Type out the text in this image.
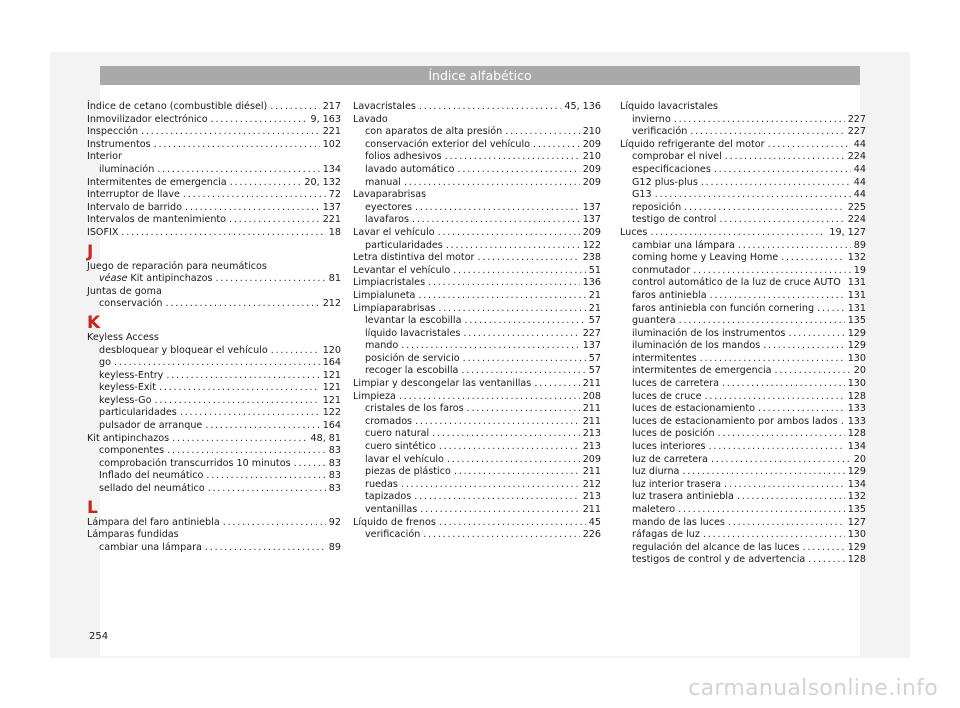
Índice alfabético
Índice de cetano (combustible diésel) .....	217
Inmovilizador electrónico .....	9, 163
Inspección .....	221
Instrumentos .....	102
Interior
iluminación .....	134
Intermitentes de emergencia .....	20, 132
Interruptor de llave .....	72
Intervalo de barrido .....	137
Intervalos de mantenimiento .....	221
ISOFIX .....	18
J
Juego de reparación para neumáticos
véase Kit antipinchazos .....	81
Juntas de goma
conservación .....	212
K
Keyless Access
desbloquear y bloquear el vehículo .....	120
go .....	164
keyless-Entry .....	121
keyless-Exit .....	121
keyless-Go .....	121
particularidades .....	122
pulsador de arranque .....	164
Kit antipinchazos .....	48, 81
componentes .....	83
comprobación transcurridos 10 minutos .....	83
Inflado del neumático .....	83
sellado del neumático .....	83
L
Lámpara del faro antiniebla .....	92
Lámparas fundidas
cambiar una lámpara .....	89
Lavacristales .....	45, 136
Lavado
con aparatos de alta presión .....	210
conservación exterior del vehículo .....	209
folios adhesivos .....	210
lavado automático .....	209
manual .....	209
Lavaparabrisas
eyectores .....	137
lavafaros .....	137
Lavar el vehículo .....	209
particularidades .....	122
Letra distintiva del motor .....	238
Levantar el vehículo .....	51
Limpiacristales .....	136
Limpialuneta .....	21
Limpiaparabrisas .....	21
levantar la escobilla .....	57
líquido lavacristales .....	227
mando .....	137
posición de servicio .....	57
recoger la escobilla .....	57
Limpiar y descongelar las ventanillas .....	211
Limpieza .....	208
cristales de los faros .....	211
cromados .....	211
cuero natural .....	213
cuero sintético .....	213
lavar el vehículo .....	209
piezas de plástico .....	211
ruedas .....	212
tapizados .....	213
ventanillas .....	211
Líquido de frenos .....	45
verificación .....	226
Líquido lavacristales
invierno .....	227
verificación .....	227
Líquido refrigerante del motor .....	44
comprobar el nivel .....	224
especificaciones .....	44
G12 plus-plus .....	44
G13 .....	44
reposición .....	225
testigo de control .....	224
Luces .....	19, 127
cambiar una lámpara .....	89
coming home y Leaving Home .....	132
conmutador .....	19
control automático de la luz de cruce AUTO ..... 131
faros antiniebla .....	131
faros antiniebla con función cornering .....	131
guantera .....	135
iluminación de los instrumentos .....	129
iluminación de los mandos .....	129
intermitentes .....	130
intermitentes de emergencia .....	20
luces de carretera .....	130
luces de cruce .....	128
luces de estacionamiento .....	133
luces de estacionamiento por ambos lados ..... 133
luces de posición .....	128
luces interiores .....	134
luz de carretera .....	20
luz diurna .....	129
luz interior trasera .....	134
luz trasera antiniebla .....	132
maletero .....	135
mando de las luces .....	127
ráfagas de luz .....	130
regulación del alcance de las luces .....	129
testigos de control y de advertencia .....	128
254
carmanualsonline.info
